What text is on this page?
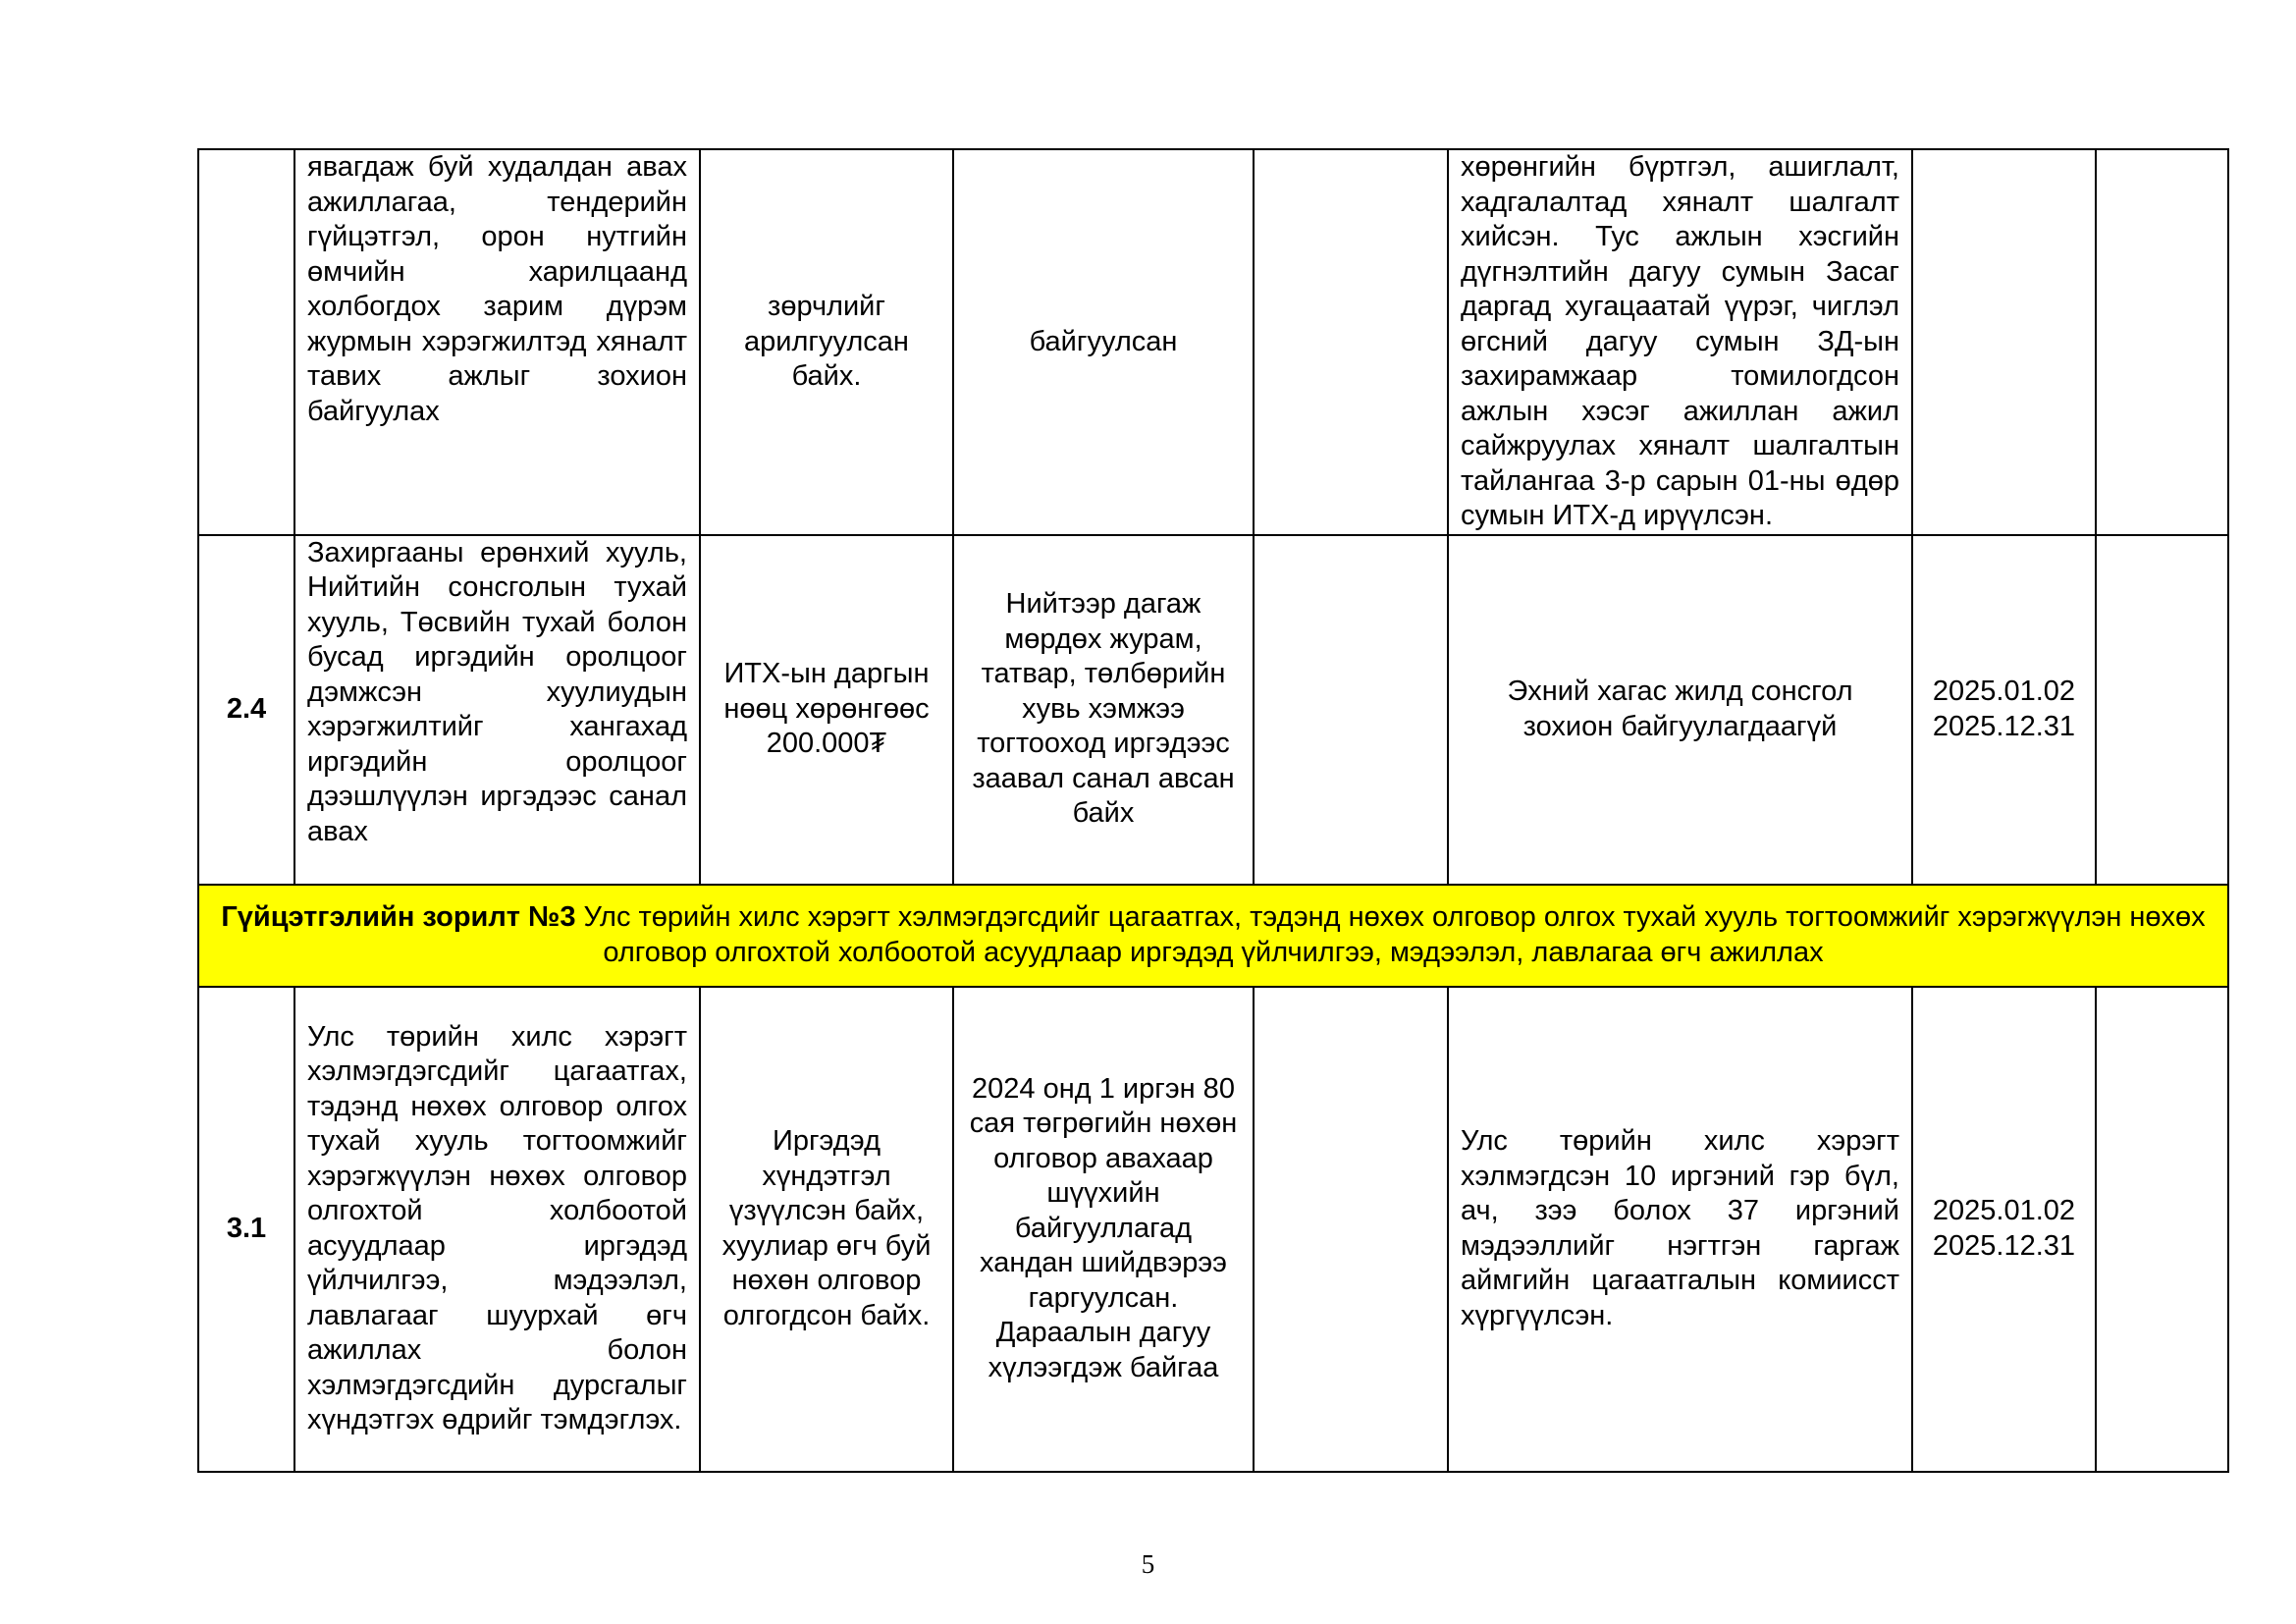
	явагдаж буй худалдан авах ажиллагаа, тендерийн гүйцэтгэл, орон нутгийн өмчийн харилцаанд холбогдох зарим дүрэм журмын хэрэгжилтэд хяналт тавих ажлыг зохион байгуулах	зөрчлийг арилгуулсан байх.	байгуулсан		хөрөнгийн бүртгэл, ашиглалт, хадгалалтад хяналт шалгалт хийсэн. Тус ажлын хэсгийн дүгнэлтийн дагуу сумын Засаг даргад хугацаатай үүрэг, чиглэл өгсний дагуу сумын ЗД-ын захирамжаар томилогдсон ажлын хэсэг ажиллан ажил сайжруулах хяналт шалгалтын тайлангаа 3-р сарын 01-ны өдөр сумын ИТХ-д ирүүлсэн.		
2.4	Захиргааны ерөнхий хууль, Нийтийн сонсголын тухай хууль, Төсвийн тухай болон бусад иргэдийн оролцоог дэмжсэн хуулиудын хэрэгжилтийг хангахад иргэдийн оролцоог дээшлүүлэн иргэдээс санал авах	ИТХ-ын даргын нөөц хөрөнгөөс 200.000₮	Нийтээр дагаж мөрдөх журам, татвар, төлбөрийн хувь хэмжээ тогтооход иргэдээс заавал санал авсан байх		Эхний хагас жилд сонсгол зохион байгуулагдаагүй	2025.01.02 2025.12.31	
Гүйцэтгэлийн зорилт №3 Улс төрийн хилс хэрэгт хэлмэгдэгсдийг цагаатгах, тэдэнд нөхөх олговор олгох тухай хууль тогтоомжийг хэрэгжүүлэн нөхөх олговор олгохтой холбоотой асуудлаар иргэдэд үйлчилгээ, мэдээлэл, лавлагаа өгч ажиллах							
3.1	Улс төрийн хилс хэрэгт хэлмэгдэгсдийг цагаатгах, тэдэнд нөхөх олговор олгох тухай хууль тогтоомжийг хэрэгжүүлэн нөхөх олговор олгохтой холбоотой асуудлаар иргэдэд үйлчилгээ, мэдээлэл, лавлагааг шуурхай өгч ажиллах болон хэлмэгдэгсдийн дурсгалыг хүндэтгэх өдрийг тэмдэглэх.	Иргэдэд хүндэтгэл үзүүлсэн байх, хуулиар өгч буй нөхөн олговор олгогдсон байх.	2024 онд 1 иргэн 80 сая төгрөгийн нөхөн олговор авахаар шүүхийн байгууллагад хандан шийдвэрээ гаргуулсан. Дараалын дагуу хүлээгдэж байгаа		Улс төрийн хилс хэрэгт хэлмэгдсэн 10 иргэний гэр бүл, ач, зээ болох 37 иргэний мэдээллийг нэгтгэн гаргаж аймгийн цагаатгалын комиисст хүргүүлсэн.	2025.01.02 2025.12.31	
5
